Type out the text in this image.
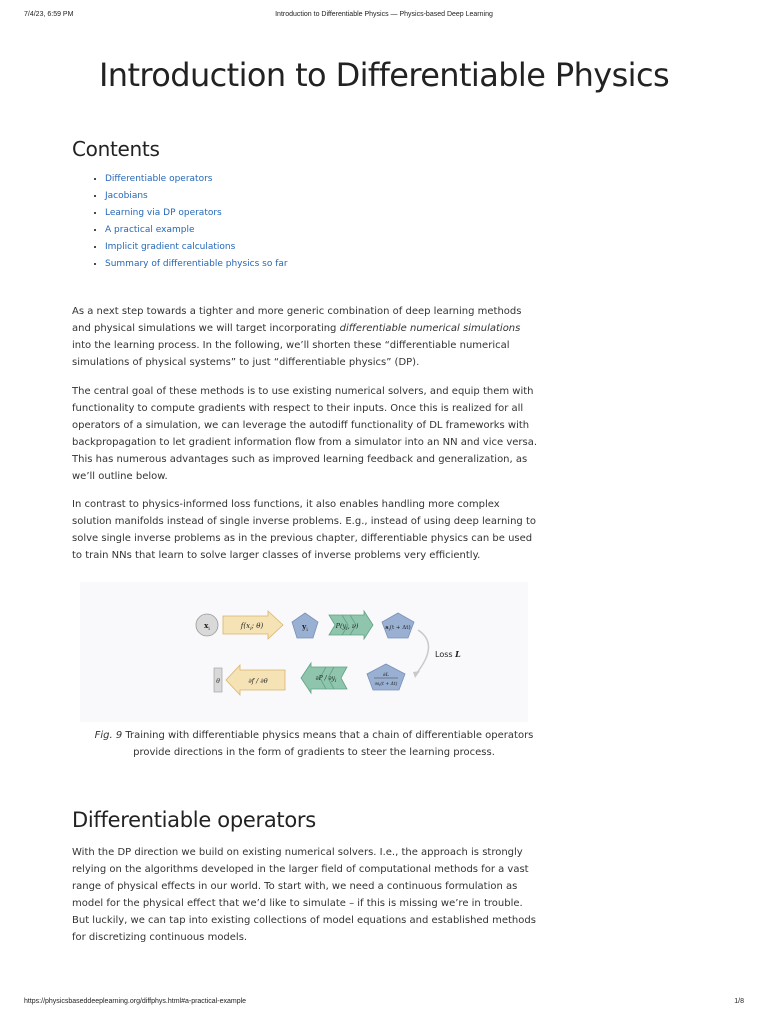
7/4/23, 6:59 PM	Introduction to Differentiable Physics — Physics-based Deep Learning
Introduction to Differentiable Physics
Contents
• Differentiable operators
• Jacobians
• Learning via DP operators
• A practical example
• Implicit gradient calculations
• Summary of differentiable physics so far

As a next step towards a tighter and more generic combination of deep learning methods and physical simulations we will target incorporating differentiable numerical simulations into the learning process. In the following, we’ll shorten these “differentiable numerical simulations of physical systems” to just “differentiable physics” (DP).

The central goal of these methods is to use existing numerical solvers, and equip them with functionality to compute gradients with respect to their inputs. Once this is realized for all operators of a simulation, we can leverage the autodiff functionality of DL frameworks with backpropagation to let gradient information flow from a simulator into an NN and vice versa. This has numerous advantages such as improved learning feedback and generalization, as we’ll outline below.

In contrast to physics-informed loss functions, it also enables handling more complex solution manifolds instead of single inverse problems. E.g., instead of using deep learning to solve single inverse problems as in the previous chapter, differentiable physics can be used to train NNs that learn to solve larger classes of inverse problems very efficiently.

$x_i$	$f(x_i$; θ)	$y_i$	$P(y_i$, ν)	$s_i(t + \Delta t)$
Loss L
∂L
$\partial s_i(t + \Delta t)$
$\partial P / \partial y_i$
∂f / ∂θ
θ

Fig. 9 Training with differentiable physics means that a chain of differentiable operators provide directions in the form of gradients to steer the learning process.

Differentiable operators

With the DP direction we build on existing numerical solvers. I.e., the approach is strongly relying on the algorithms developed in the larger field of computational methods for a vast range of physical effects in our world. To start with, we need a continuous formulation as model for the physical effect that we’d like to simulate – if this is missing we’re in trouble. But luckily, we can tap into existing collections of model equations and established methods for discretizing continuous models.

https://physicsbaseddeeplearning.org/diffphys.html#a-practical-example	1/8
